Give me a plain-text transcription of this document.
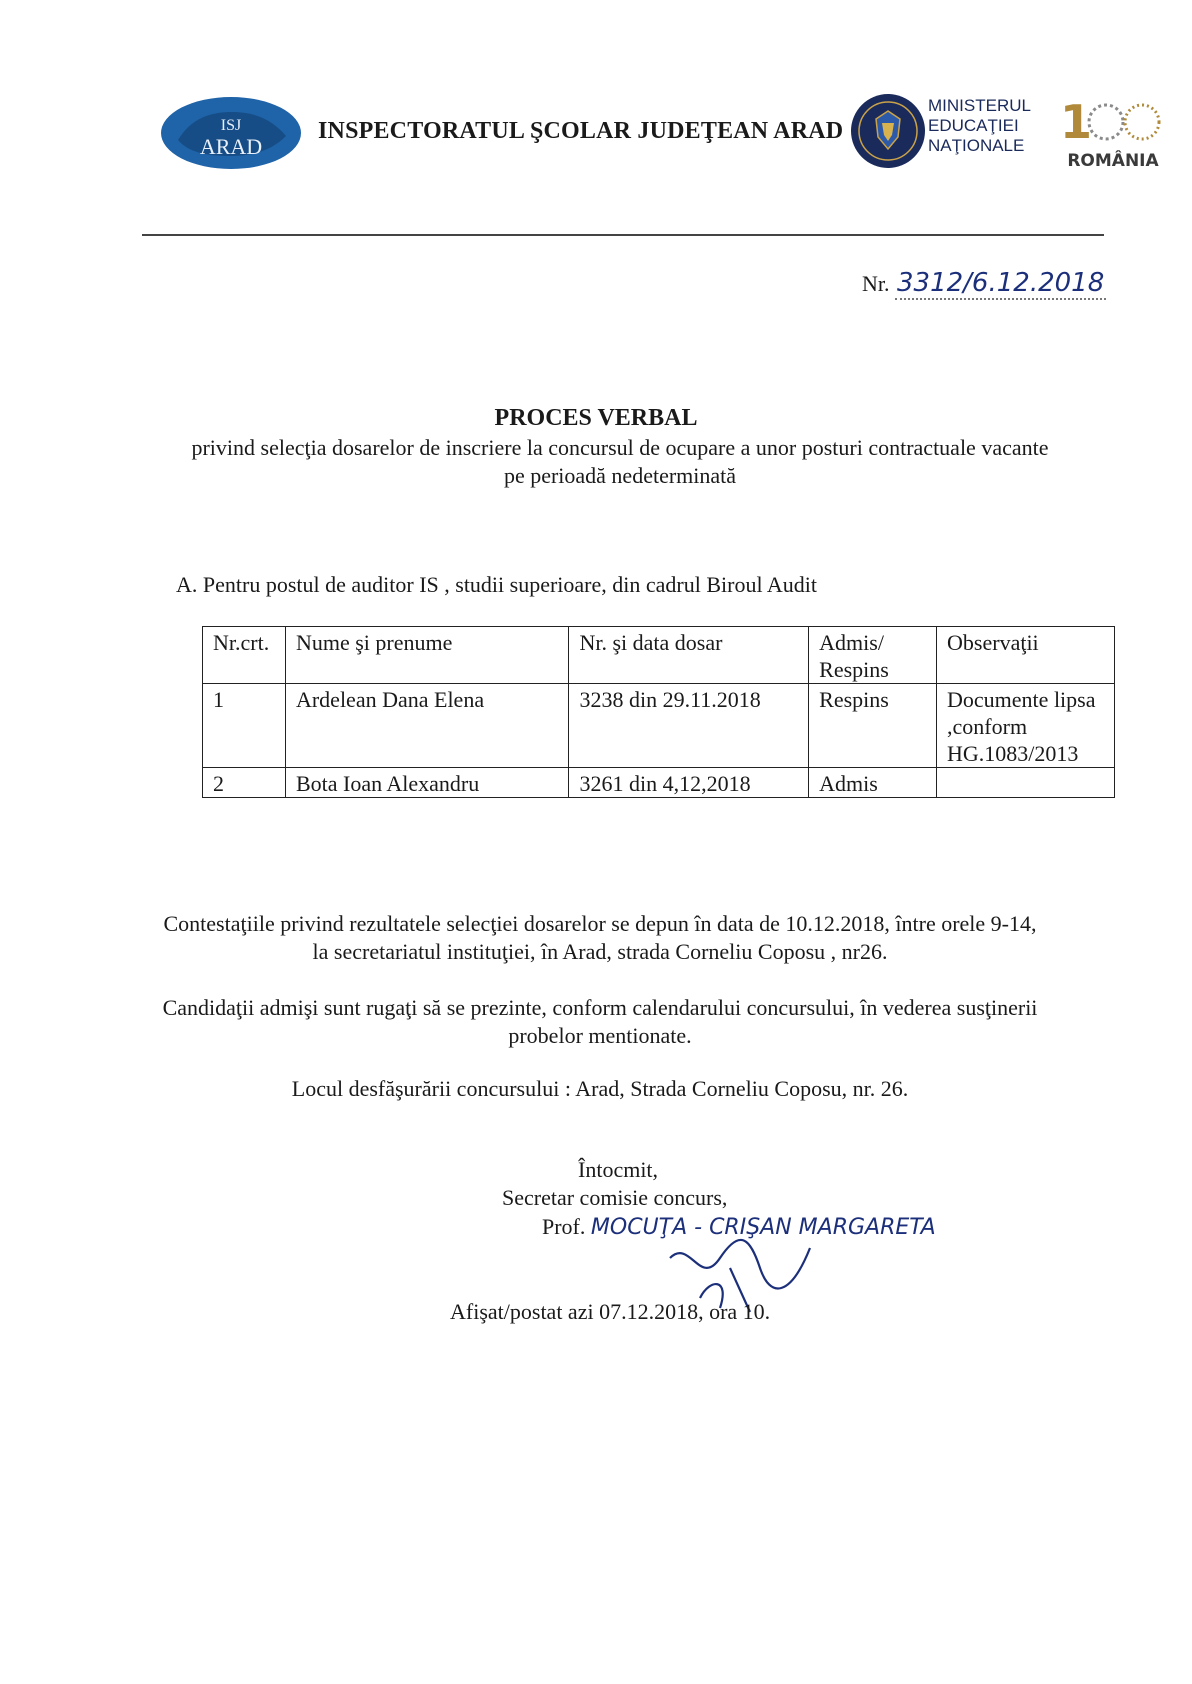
ISJ
ARAD
INSPECTORATUL ŞCOLAR JUDEŢEAN ARAD
MINISTERUL
EDUCAŢIEI
NAŢIONALE 1
ROMÂNIA
Nr. 3312/6.12.2018
PROCES VERBAL
privind selecţia dosarelor de inscriere la concursul de ocupare a unor posturi contractuale vacante
pe perioadă nedeterminată
A. Pentru postul de auditor IS , studii superioare, din cadrul Biroul Audit
Nr.crt.	Nume şi prenume	Nr. şi data dosar	Admis/ Respins	Observaţii
1	Ardelean Dana Elena	3238 din 29.11.2018	Respins	Documente lipsa ,conform HG.1083/2013
2	Bota Ioan Alexandru	3261 din 4,12,2018	Admis	
Contestaţiile privind rezultatele selecţiei dosarelor se depun în data de 10.12.2018, între orele 9-14,
la secretariatul instituţiei, în Arad, strada Corneliu Coposu , nr26.
Candidaţii admişi sunt rugaţi să se prezinte, conform calendarului concursului, în vederea susţinerii
probelor mentionate.
Locul desfăşurării concursului : Arad, Strada Corneliu Coposu, nr. 26.
Întocmit,
Secretar comisie concurs,
Prof. MOCUŢA - CRIŞAN MARGARETA
Afişat/postat azi 07.12.2018, ora 10.
